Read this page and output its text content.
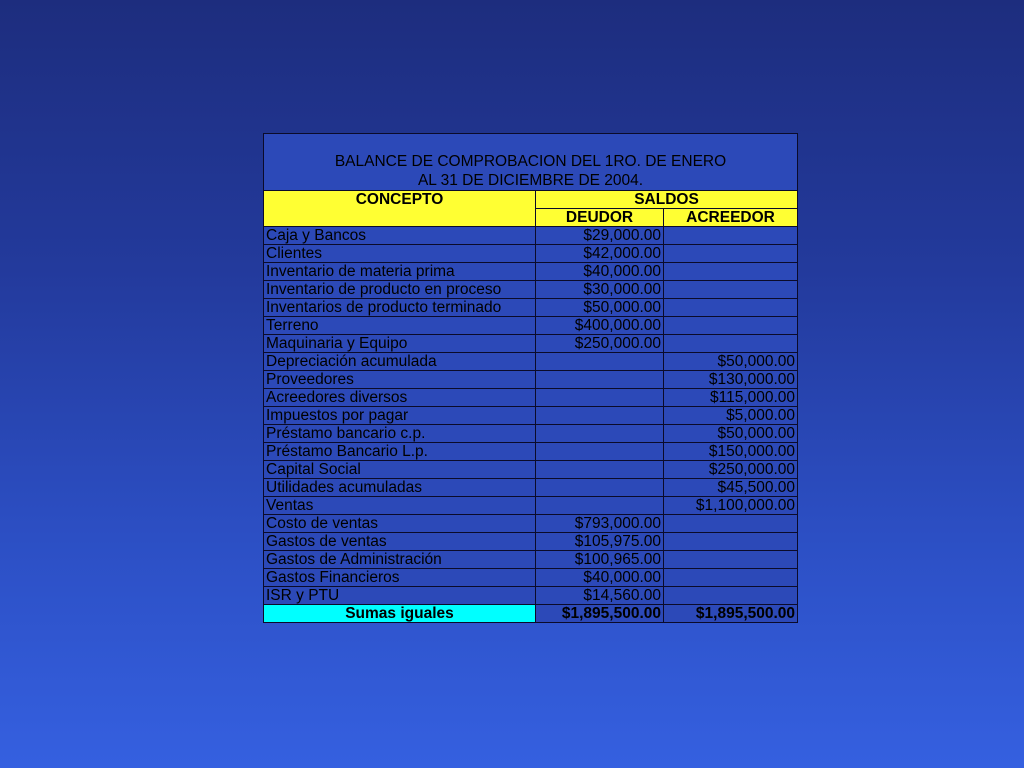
BALANCE DE COMPROBACION DEL 1RO. DE ENERO
AL 31 DE DICIEMBRE DE 2004.		

CONCEPTO	SALDOS	
	DEUDOR	ACREEDOR
Caja y Bancos	$29,000.00	
Clientes	$42,000.00	
Inventario de materia prima	$40,000.00	
Inventario de producto en proceso	$30,000.00	
Inventarios de producto terminado	$50,000.00	
Terreno	$400,000.00	
Maquinaria y Equipo	$250,000.00	
Depreciación acumulada		$50,000.00
Proveedores		$130,000.00
Acreedores diversos		$115,000.00
Impuestos por pagar		$5,000.00
Préstamo bancario c.p.		$50,000.00
Préstamo Bancario L.p.		$150,000.00
Capital Social		$250,000.00
Utilidades acumuladas		$45,500.00
Ventas		$1,100,000.00
Costo de ventas	$793,000.00	
Gastos de ventas	$105,975.00	
Gastos de Administración	$100,965.00	
Gastos Financieros	$40,000.00	
ISR y PTU	$14,560.00	
Sumas iguales	$1,895,500.00	$1,895,500.00
